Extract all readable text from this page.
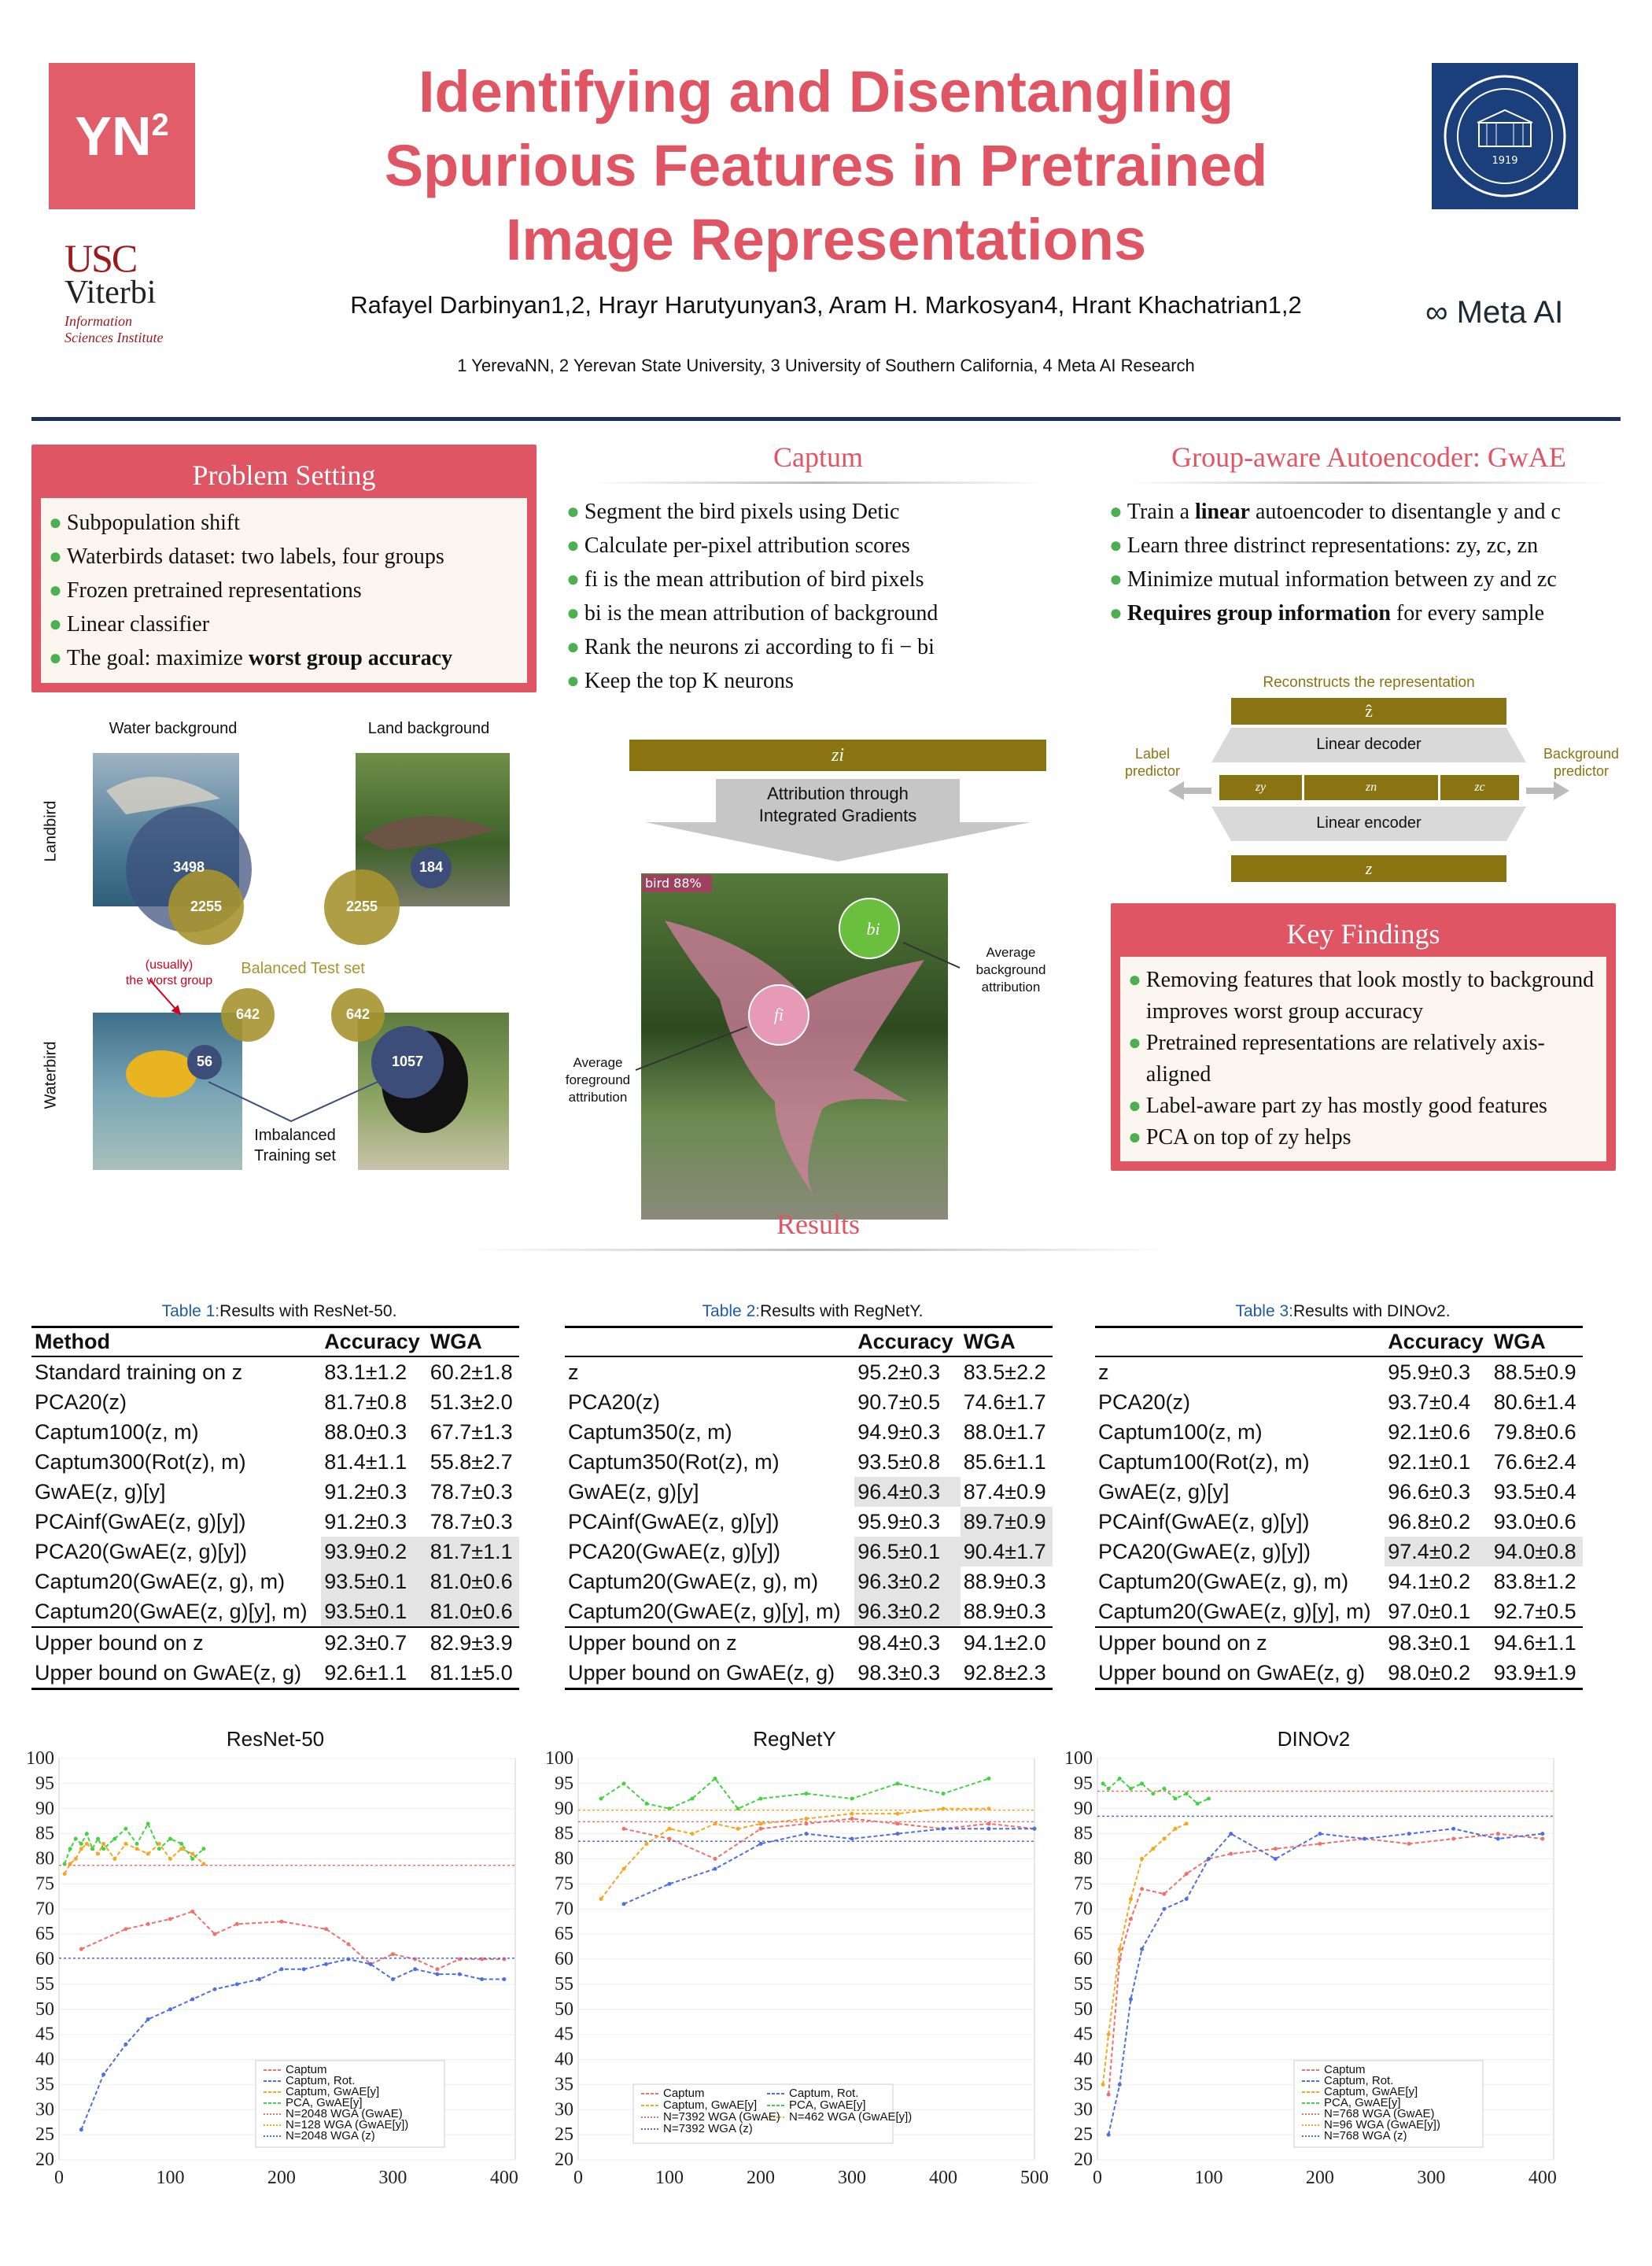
$YN^2$
USC
Viterbi
Information
Sciences Institute
Identifying and Disentangling Spurious Features in Pretrained Image Representations
Rafayel Darbinyan1,2, Hrayr Harutyunyan3, Aram H. Markosyan4, Hrant Khachatrian1,2
1 YerevaNN, 2 Yerevan State University, 3 University of Southern California, 4 Meta AI Research
1919
∞ Meta AI
Problem Setting
● Subpopulation shift
● Waterbirds dataset: two labels, four groups
● Frozen pretrained representations
● Linear classifier
● The goal: maximize worst group accuracy
Water background	Land background
Landbird
Waterbird
3498	184
2255	2255
642	642
56	1057
Balanced Test set
(usually)
the worst group
Imbalanced
Training set
Captum
● Segment the bird pixels using Detic
● Calculate per-pixel attribution scores
● fi is the mean attribution of bird pixels
● bi is the mean attribution of background
● Rank the neurons zi according to fi − bi
● Keep the top K neurons
zi
Attribution through
Integrated Gradients
bird 88%
bi
fi
Average
background
attribution
Average
foreground
attribution
Group-aware Autoencoder: GwAE
● Train a linear autoencoder to disentangle y and c
● Learn three distrinct representations: zy, zc, zn
● Minimize mutual information between zy and zc
● Requires group information for every sample
Reconstructs the representation
ẑ
Linear decoder
zy	zn	zc
Linear encoder
z
Label
predictor
Background
predictor
Key Findings
● Removing features that look mostly to background improves worst group accuracy
● Pretrained representations are relatively axis-aligned
● Label-aware part zy has mostly good features
● PCA on top of zy helps
Results
Table 1:Results with ResNet-50.
Method	Accuracy	WGA
Standard training on z	83.1±1.2	60.2±1.8
PCA20(z)	81.7±0.8	51.3±2.0
Captum100(z, m)	88.0±0.3	67.7±1.3
Captum300(Rot(z), m)	81.4±1.1	55.8±2.7
GwAE(z, g)[y]	91.2±0.3	78.7±0.3
PCAinf(GwAE(z, g)[y])	91.2±0.3	78.7±0.3
PCA20(GwAE(z, g)[y])	93.9±0.2	81.7±1.1
Captum20(GwAE(z, g), m)	93.5±0.1	81.0±0.6
Captum20(GwAE(z, g)[y], m)	93.5±0.1	81.0±0.6
Upper bound on z	92.3±0.7	82.9±3.9
Upper bound on GwAE(z, g)	92.6±1.1	81.1±5.0
Table 2:Results with RegNetY.
	Accuracy	WGA
z	95.2±0.3	83.5±2.2
PCA20(z)	90.7±0.5	74.6±1.7
Captum350(z, m)	94.9±0.3	88.0±1.7
Captum350(Rot(z), m)	93.5±0.8	85.6±1.1
GwAE(z, g)[y]	96.4±0.3	87.4±0.9
PCAinf(GwAE(z, g)[y])	95.9±0.3	89.7±0.9
PCA20(GwAE(z, g)[y])	96.5±0.1	90.4±1.7
Captum20(GwAE(z, g), m)	96.3±0.2	88.9±0.3
Captum20(GwAE(z, g)[y], m)	96.3±0.2	88.9±0.3
Upper bound on z	98.4±0.3	94.1±2.0
Upper bound on GwAE(z, g)	98.3±0.3	92.8±2.3
Table 3:Results with DINOv2.
	Accuracy	WGA
z	95.9±0.3	88.5±0.9
PCA20(z)	93.7±0.4	80.6±1.4
Captum100(z, m)	92.1±0.6	79.8±0.6
Captum100(Rot(z), m)	92.1±0.1	76.6±2.4
GwAE(z, g)[y]	96.6±0.3	93.5±0.4
PCAinf(GwAE(z, g)[y])	96.8±0.2	93.0±0.6
PCA20(GwAE(z, g)[y])	97.4±0.2	94.0±0.8
Captum20(GwAE(z, g), m)	94.1±0.2	83.8±1.2
Captum20(GwAE(z, g)[y], m)	97.0±0.1	92.7±0.5
Upper bound on z	98.3±0.1	94.6±1.1
Upper bound on GwAE(z, g)	98.0±0.2	93.9±1.9
ResNet-50
20
25
30
35
40
45
50
55
60
65
70
75
80
85
90
95
100
0	100	200	300	400
Captum
Captum, Rot.
Captum, GwAE[y]
PCA, GwAE[y]
N=2048 WGA (GwAE)
N=128 WGA (GwAE[y])
N=2048 WGA (z)
RegNetY
20
25
30
35
40
45
50
55
60
65
70
75
80
85
90
95
100
0	100	200	300	400	500
Captum	Captum, Rot.
Captum, GwAE[y]	PCA, GwAE[y]
N=7392 WGA (GwAE) N=462 WGA (GwAE[y])
N=7392 WGA (z)
DINOv2
20
25
30
35
40
45
50
55
60
65
70
75
80
85
90
95
100
0	100	200	300	400
Captum
Captum, Rot.
Captum, GwAE[y]
PCA, GwAE[y]
N=768 WGA (GwAE)
N=96 WGA (GwAE[y])
N=768 WGA (z)
